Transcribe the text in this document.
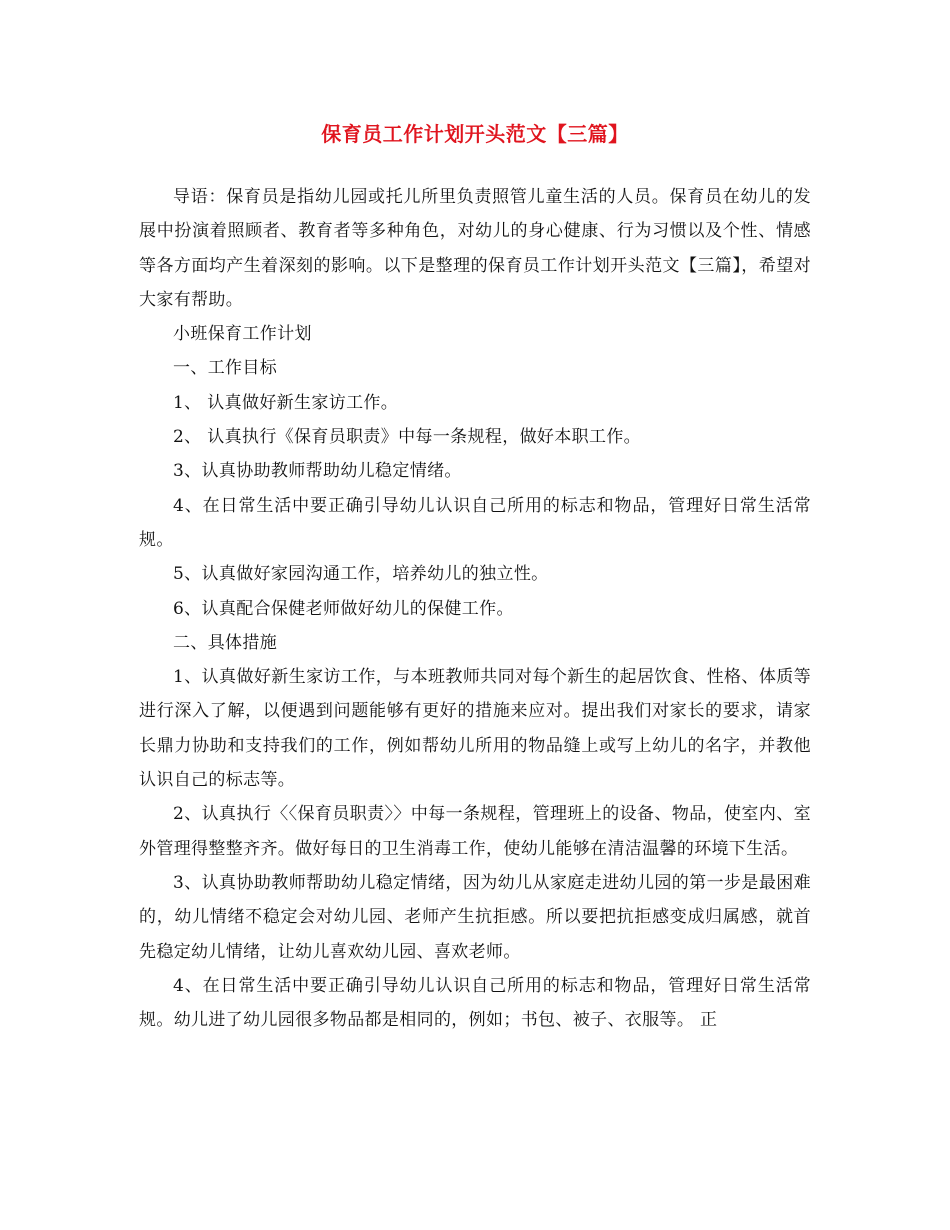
保育员工作计划开头范文【三篇】

导语：保育员是指幼儿园或托儿所里负责照管儿童生活的人员。保育员在幼儿的发展中扮演着照顾者、教育者等多种角色，对幼儿的身心健康、行为习惯以及个性、情感等各方面均产生着深刻的影响。以下是整理的保育员工作计划开头范文【三篇】，希望对大家有帮助。

小班保育工作计划

一、工作目标

1、 认真做好新生家访工作。

2、 认真执行《保育员职责》中每一条规程，做好本职工作。

3、认真协助教师帮助幼儿稳定情绪。

4、在日常生活中要正确引导幼儿认识自己所用的标志和物品，管理好日常生活常规。

5、认真做好家园沟通工作，培养幼儿的独立性。

6、认真配合保健老师做好幼儿的保健工作。

二、具体措施

1、认真做好新生家访工作，与本班教师共同对每个新生的起居饮食、性格、体质等进行深入了解，以便遇到问题能够有更好的措施来应对。提出我们对家长的要求，请家长鼎力协助和支持我们的工作，例如帮幼儿所用的物品缝上或写上幼儿的名字，并教他认识自己的标志等。

2、认真执行〈〈保育员职责〉〉中每一条规程，管理班上的设备、物品，使室内、室外管理得整整齐齐。做好每日的卫生消毒工作，使幼儿能够在清洁温馨的环境下生活。

3、认真协助教师帮助幼儿稳定情绪，因为幼儿从家庭走进幼儿园的第一步是最困难的，幼儿情绪不稳定会对幼儿园、老师产生抗拒感。所以要把抗拒感变成归属感，就首先稳定幼儿情绪，让幼儿喜欢幼儿园、喜欢老师。

4、在日常生活中要正确引导幼儿认识自己所用的标志和物品，管理好日常生活常规。幼儿进了幼儿园很多物品都是相同的，例如；书包、被子、衣服等。 正
